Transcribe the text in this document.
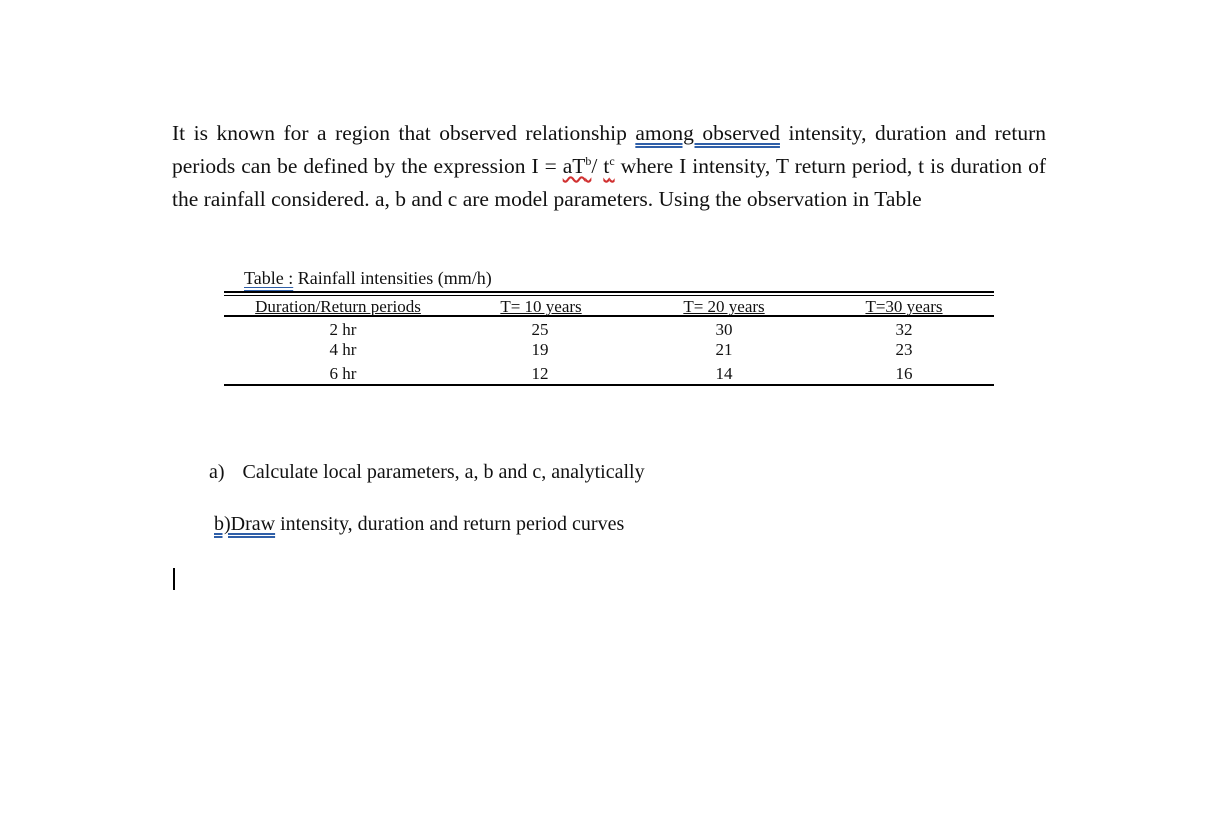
It is known for a region that observed relationship among observed intensity, duration and return periods can be defined by the expression $I = aT^b/$ $t^c$ where I intensity, T return period, t is duration of the rainfall considered. a, b and c are model parameters. Using the observation in Table
Table : Rainfall intensities (mm/h)
Duration/Return periods	T= 10 years	T= 20 years	T=30 years
2 hr	25	30	32
4 hr	19	21	23
6 hr	12	14	16
a) Calculate local parameters, a, b and c, analytically
b)Draw intensity, duration and return period curves
